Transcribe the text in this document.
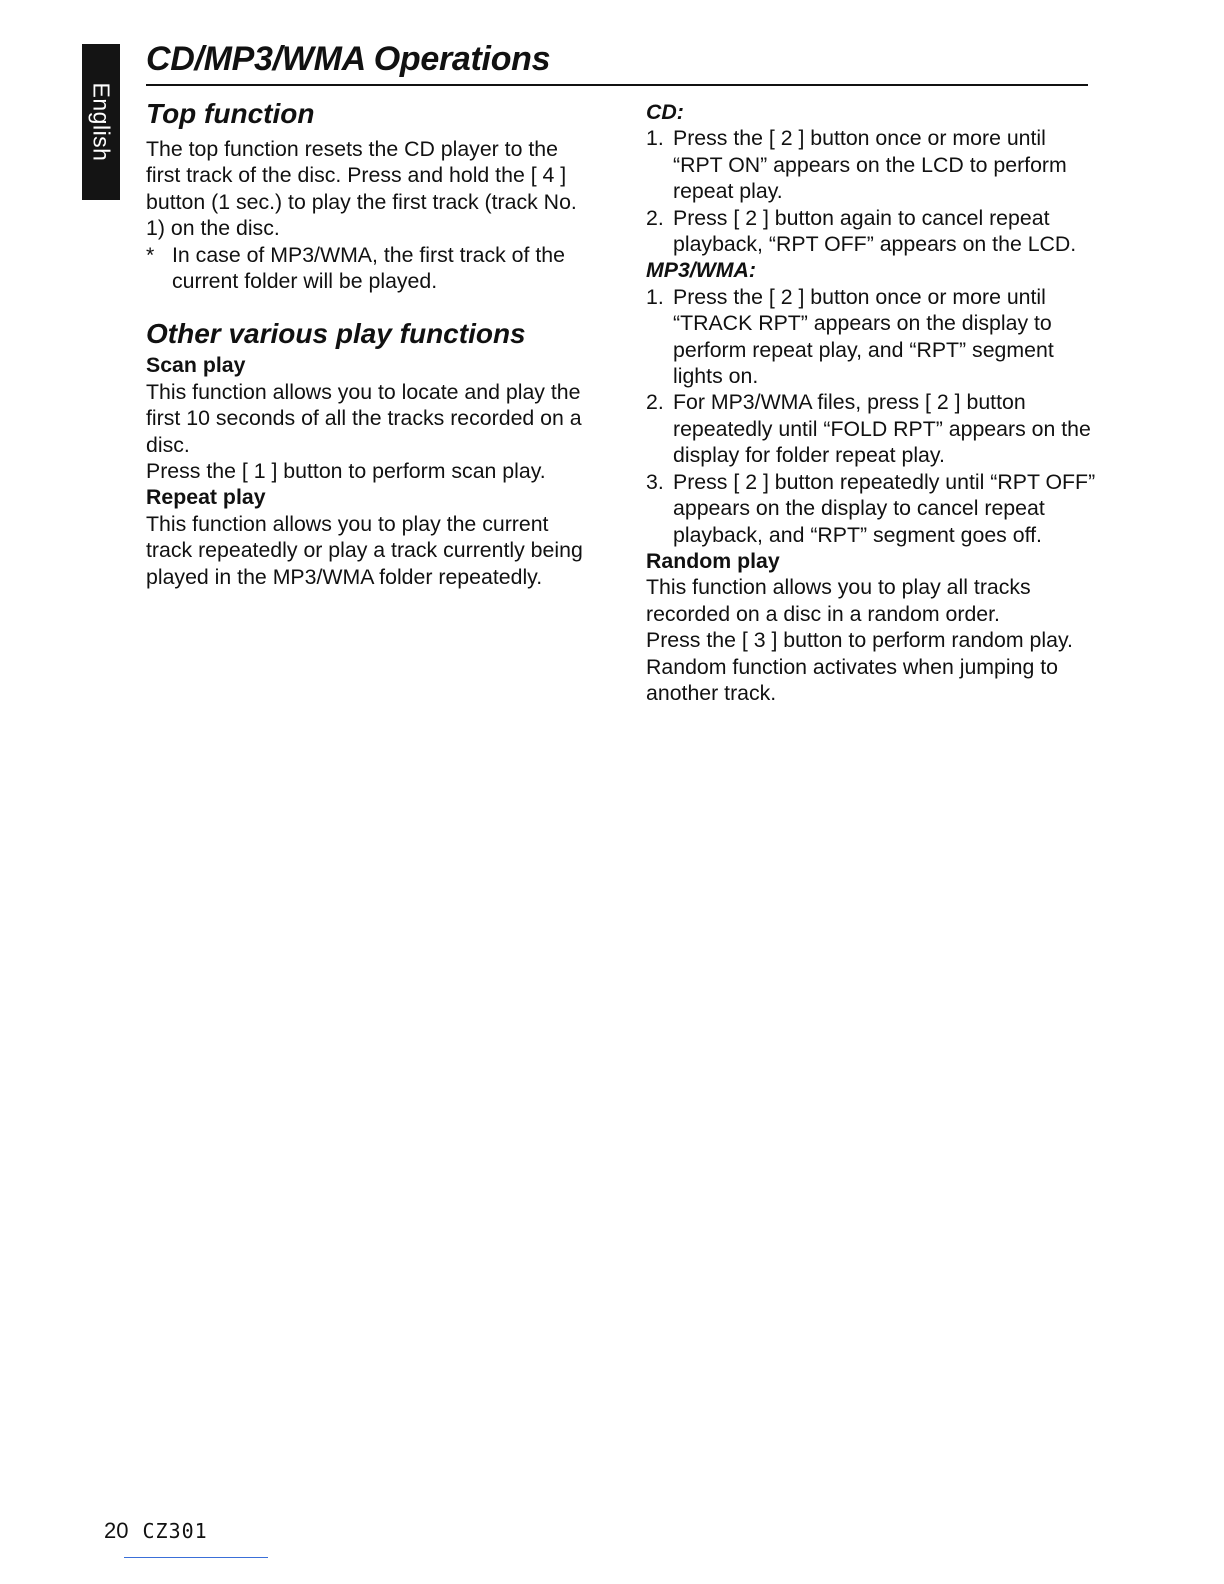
English
CD/MP3/WMA Operations
Top function

The top function resets the CD player to the first track of the disc. Press and hold the [ 4 ] button (1 sec.) to play the first track (track No. 1) on the disc.

* In case of MP3/WMA, the first track of the current folder will be played.
Other various play functions

Scan play

This function allows you to locate and play the first 10 seconds of all the tracks recorded on a disc.

Press the [ 1 ] button to perform scan play.

Repeat play

This function allows you to play the current track repeatedly or play a track currently being played in the MP3/WMA folder repeatedly.

CD:

1. Press the [ 2 ] button once or more until “RPT ON” appears on the LCD to perform repeat play.
2. Press [ 2 ] button again to cancel repeat playback, “RPT OFF” appears on the LCD.

MP3/WMA:

1. Press the [ 2 ] button once or more until “TRACK RPT” appears on the display to perform repeat play, and “RPT” segment lights on.
2. For MP3/WMA files, press [ 2 ] button repeatedly until “FOLD RPT” appears on the display for folder repeat play.
3. Press [ 2 ] button repeatedly until “RPT OFF” appears on the display to cancel repeat playback, and “RPT” segment goes off.

Random play

This function allows you to play all tracks recorded on a disc in a random order.

Press the [ 3 ] button to perform random play.

Random function activates when jumping to another track.

20 CZ301
